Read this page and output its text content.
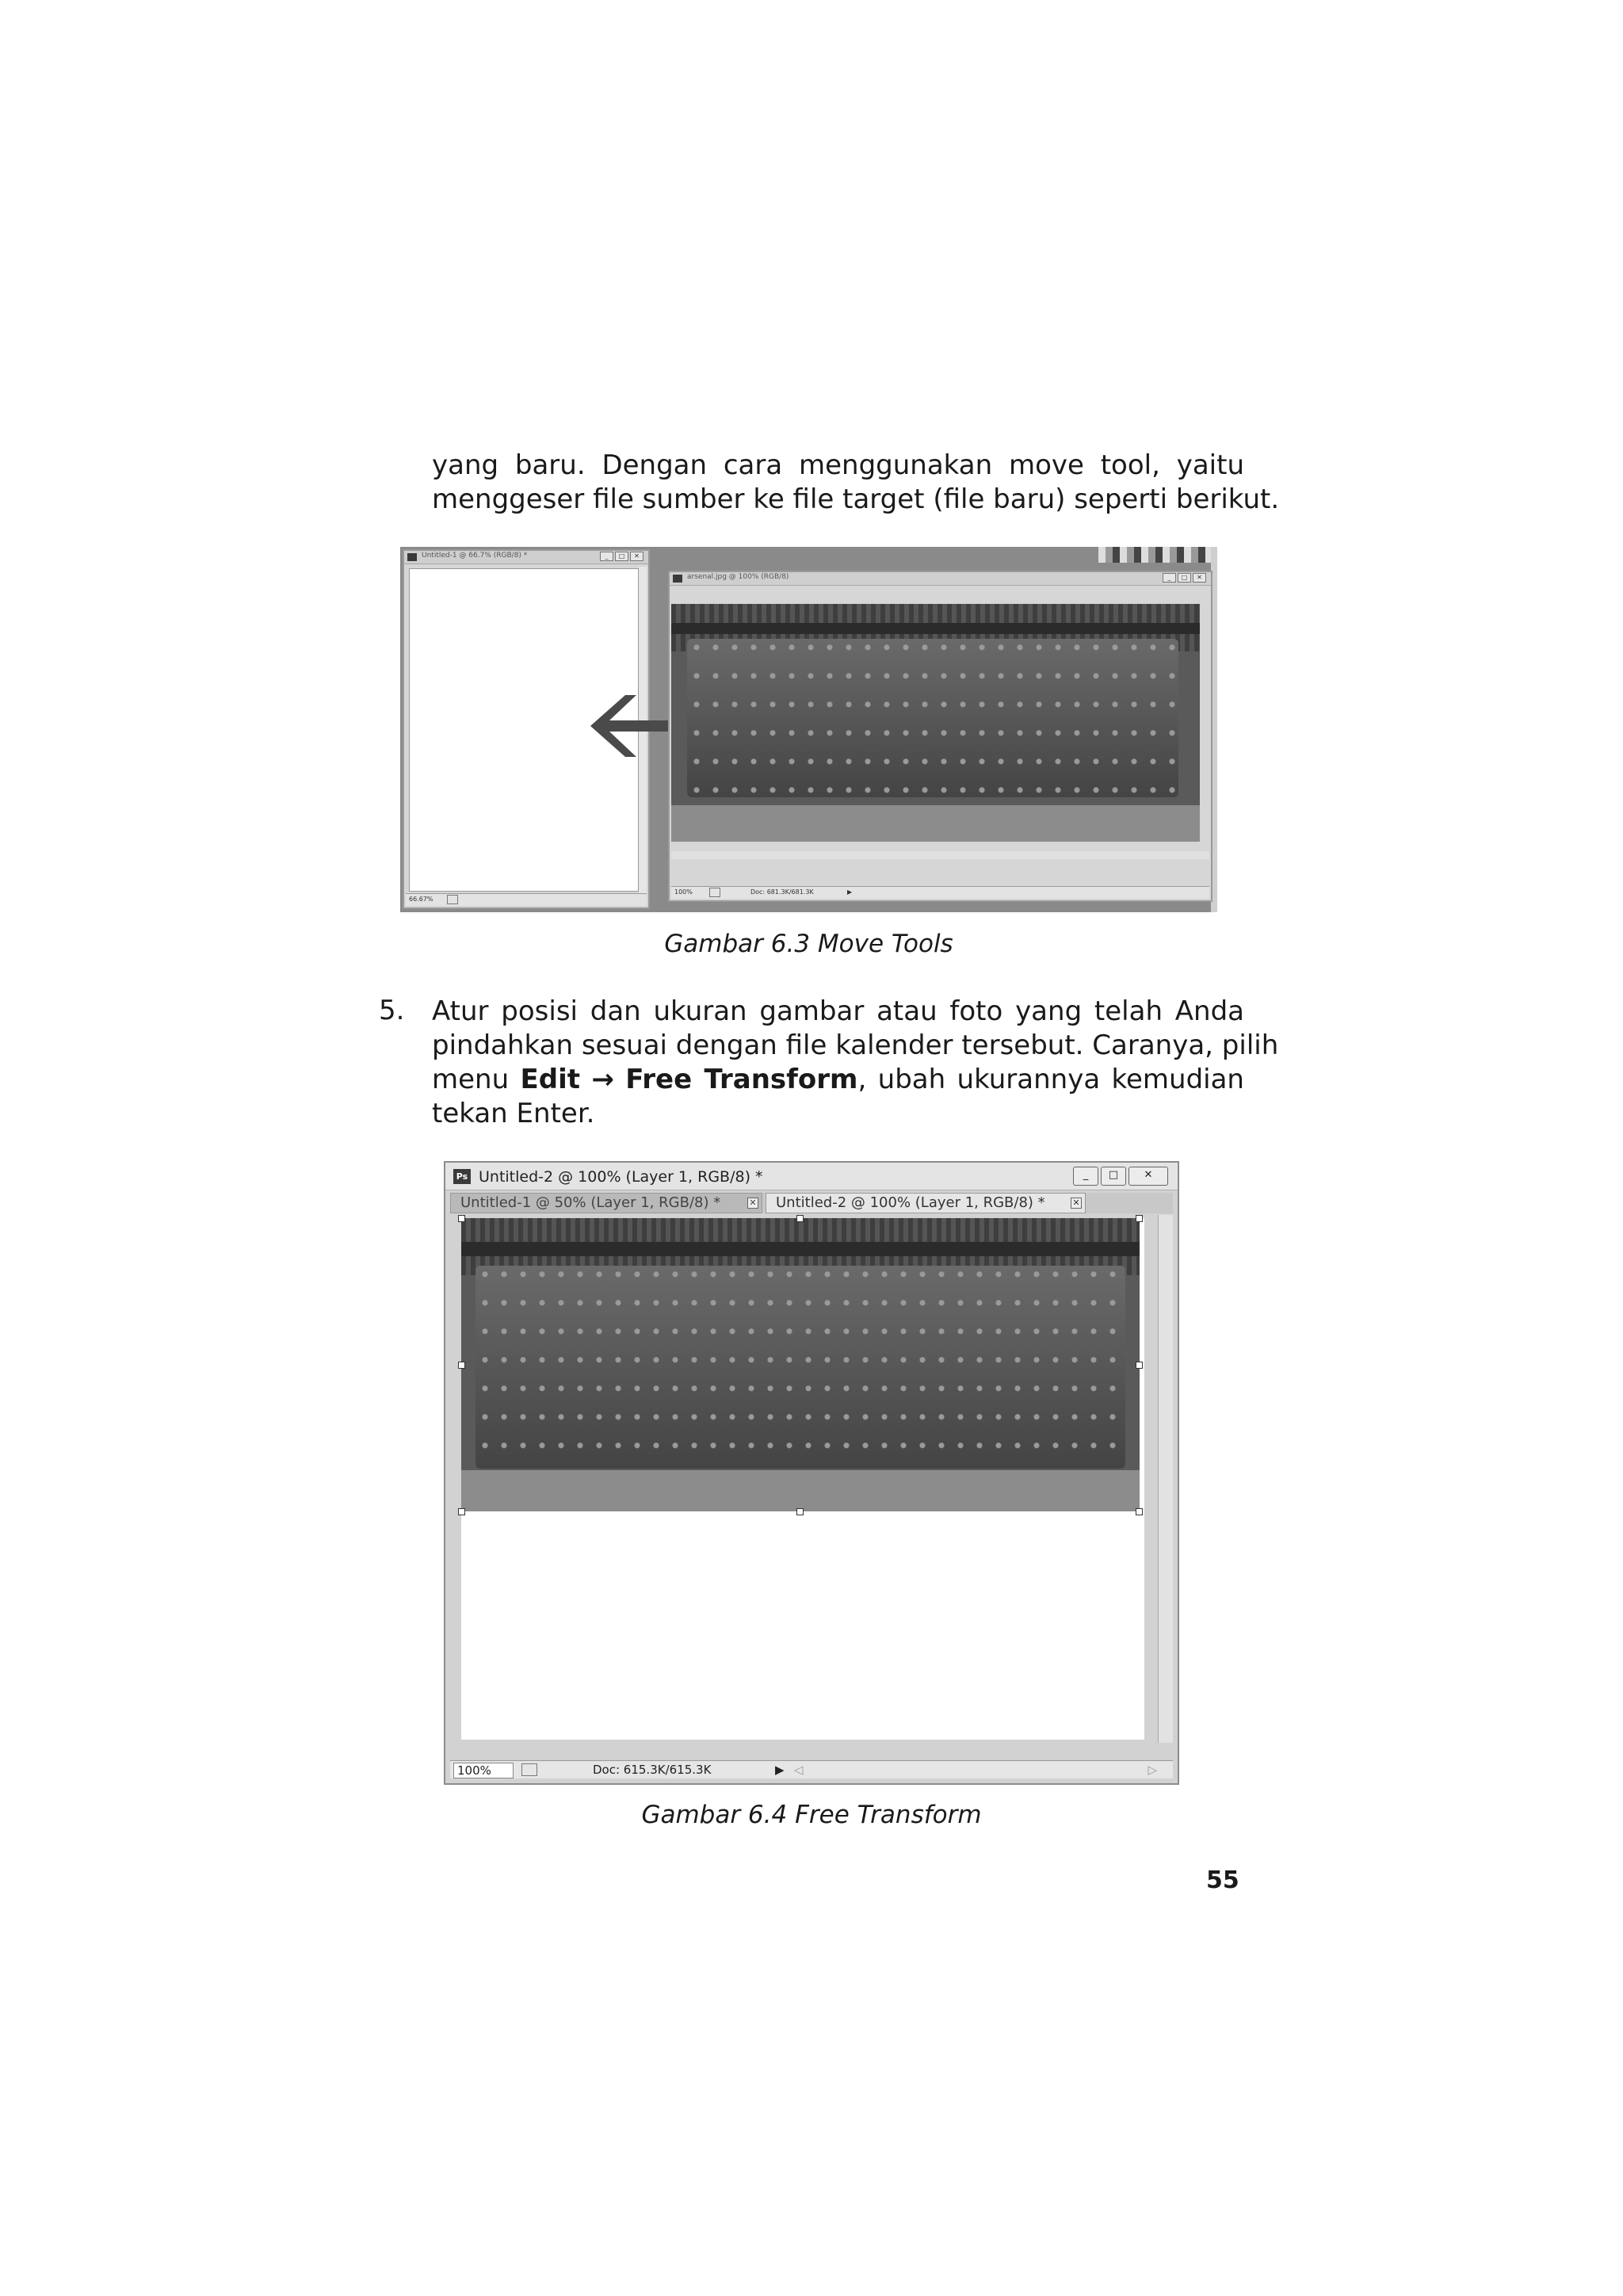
yang baru. Dengan cara menggunakan move tool, yaitu
menggeser file sumber ke file target (file baru) seperti berikut.
Untitled-1 @ 66.7% (RGB/8) *	_	□	✕
66.67%
arsenal.jpg @ 100% (RGB/8)	_	□	✕
100%	Doc: 681.3K/681.3K	▶
Gambar 6.3 Move Tools
5. Atur posisi dan ukuran gambar atau foto yang telah Anda
pindahkan sesuai dengan file kalender tersebut. Caranya, pilih
menu Edit → Free Transform, ubah ukurannya kemudian
tekan Enter.
Ps Untitled-2 @ 100% (Layer 1, RGB/8) *	_	□	✕
Untitled-1 @ 50% (Layer 1, RGB/8) *	✕	Untitled-2 @ 100% (Layer 1, RGB/8) *	✕
100%	Doc: 615.3K/615.3K	▶ ◁	▷
Gambar 6.4 Free Transform
55
